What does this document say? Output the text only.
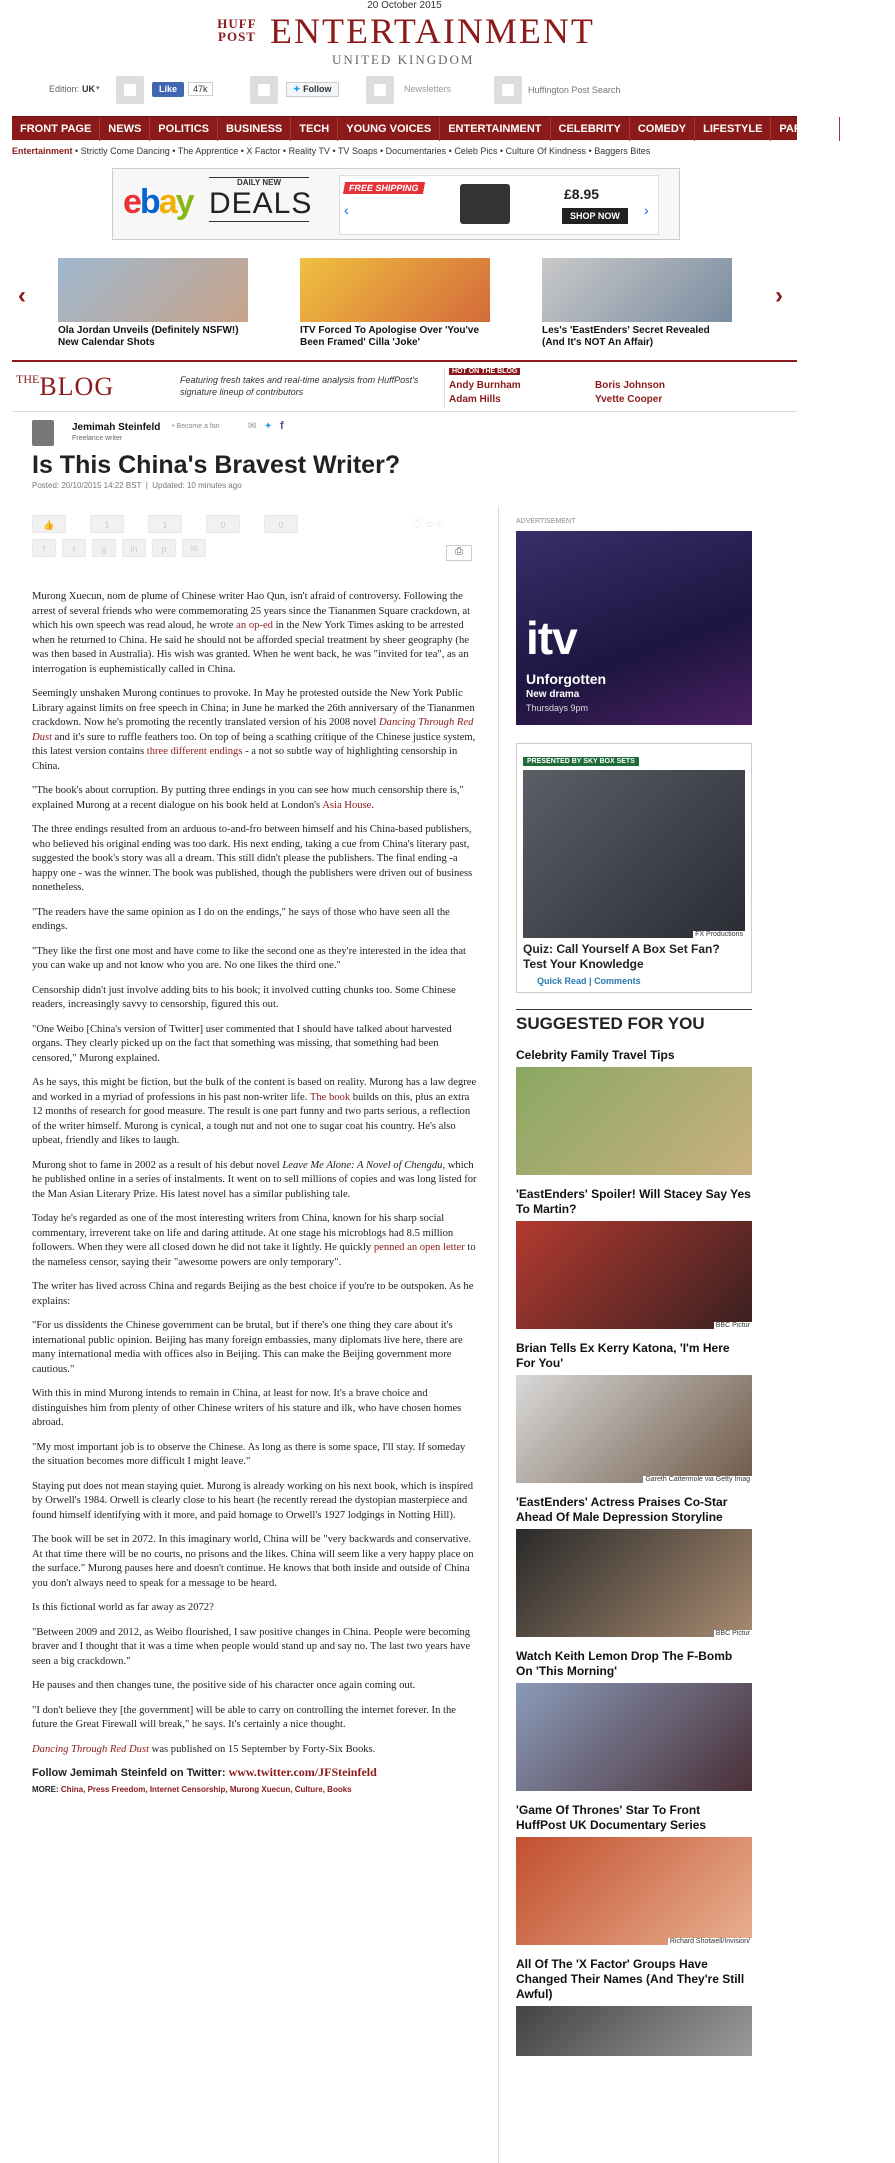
20 October 2015
HUFF
POST ENTERTAINMENT
UNITED KINGDOM
Edition: UK ▾	Like	47k	✦ Follow	Newsletters
Huffington Post Search
FRONT PAGE	NEWS	POLITICS	BUSINESS	TECH	YOUNG VOICES	ENTERTAINMENT	CELEBRITY	COMEDY	LIFESTYLE	PARENTS	BLOGS
Entertainment • Strictly Come Dancing • The Apprentice • X Factor • Reality TV • TV Soaps • Documentaries • Celeb Pics • Culture Of Kindness • Baggers Bites
ebay
DAILY NEW
DEALS	FREE SHIPPING
‹
£8.95
SHOP NOW	›
‹
Ola Jordan Unveils (Definitely NSFW!) New Calendar Shots
ITV Forced To Apologise Over 'You've Been Framed' Cilla 'Joke'
Les's 'EastEnders' Secret Revealed (And It's NOT An Affair)
›
$^{THE}$BLOG	Featuring fresh takes and real-time analysis from HuffPost's signature lineup of contributors
HOT ON THE BLOG
Andy Burnham	Boris Johnson
Adam Hills	Yvette Cooper
Jemimah Steinfeld
Freelance writer
• Become a fan	✉ ✦ f
Is This China's Bravest Writer?
Posted: 20/10/2015 14:22 BST  |  Updated: 10 minutes ago
👍	1	1	0	0
f	t	g	in	p	✉
♡ ○ ○
⎙

Murong Xuecun, nom de plume of Chinese writer Hao Qun, isn't afraid of controversy. Following the arrest of several friends who were commemorating 25 years since the Tiananmen Square crackdown, at which his own speech was read aloud, he wrote an op-ed in the New York Times asking to be arrested when he returned to China. He said he should not be afforded special treatment by sheer geography (he was then based in Australia). His wish was granted. When he went back, he was "invited for tea", as an interrogation is euphemistically called in China.

Seemingly unshaken Murong continues to provoke. In May he protested outside the New York Public Library against limits on free speech in China; in June he marked the 26th anniversary of the Tiananmen crackdown. Now he's promoting the recently translated version of his 2008 novel Dancing Through Red Dust and it's sure to ruffle feathers too. On top of being a scathing critique of the Chinese justice system, this latest version contains three different endings - a not so subtle way of highlighting censorship in China.

"The book's about corruption. By putting three endings in you can see how much censorship there is," explained Murong at a recent dialogue on his book held at London's Asia House.

The three endings resulted from an arduous to-and-fro between himself and his China-based publishers, who believed his original ending was too dark. His next ending, taking a cue from China's literary past, suggested the book's story was all a dream. This still didn't please the publishers. The final ending -a happy one - was the winner. The book was published, though the publishers were driven out of business nonetheless.

"The readers have the same opinion as I do on the endings," he says of those who have seen all the endings.

"They like the first one most and have come to like the second one as they're interested in the idea that you can wake up and not know who you are. No one likes the third one."

Censorship didn't just involve adding bits to his book; it involved cutting chunks too. Some Chinese readers, increasingly savvy to censorship, figured this out.

"One Weibo [China's version of Twitter] user commented that I should have talked about harvested organs. They clearly picked up on the fact that something was missing, that something had been censored," Murong explained.

As he says, this might be fiction, but the bulk of the content is based on reality. Murong has a law degree and worked in a myriad of professions in his past non-writer life. The book builds on this, plus an extra 12 months of research for good measure. The result is one part funny and two parts serious, a reflection of the writer himself. Murong is cynical, a tough nut and not one to sugar coat his country. He's also upbeat, friendly and likes to laugh.

Murong shot to fame in 2002 as a result of his debut novel Leave Me Alone: A Novel of Chengdu, which he published online in a series of instalments. It went on to sell millions of copies and was long listed for the Man Asian Literary Prize. His latest novel has a similar publishing tale.

Today he's regarded as one of the most interesting writers from China, known for his sharp social commentary, irreverent take on life and daring attitude. At one stage his microblogs had 8.5 million followers. When they were all closed down he did not take it lightly. He quickly penned an open letter to the nameless censor, saying their "awesome powers are only temporary".

The writer has lived across China and regards Beijing as the best choice if you're to be outspoken. As he explains:

"For us dissidents the Chinese government can be brutal, but if there's one thing they care about it's international public opinion. Beijing has many foreign embassies, many diplomats live here, there are many international media with offices also in Beijing. This can make the Beijing government more cautious."

With this in mind Murong intends to remain in China, at least for now. It's a brave choice and distinguishes him from plenty of other Chinese writers of his stature and ilk, who have chosen homes abroad.

"My most important job is to observe the Chinese. As long as there is some space, I'll stay. If someday the situation becomes more difficult I might leave."

Staying put does not mean staying quiet. Murong is already working on his next book, which is inspired by Orwell's 1984. Orwell is clearly close to his heart (he recently reread the dystopian masterpiece and found himself identifying with it more, and paid homage to Orwell's 1927 lodgings in Notting Hill).

The book will be set in 2072. In this imaginary world, China will be "very backwards and conservative. At that time there will be no courts, no prisons and the likes. China will seem like a very happy place on the surface." Murong pauses here and doesn't continue. He knows that both inside and outside of China you don't always need to speak for a message to be heard.

Is this fictional world as far away as 2072?

"Between 2009 and 2012, as Weibo flourished, I saw positive changes in China. People were becoming braver and I thought that it was a time when people would stand up and say no. The last two years have seen a big crackdown."

He pauses and then changes tune, the positive side of his character once again coming out.

"I don't believe they [the government] will be able to carry on controlling the internet forever. In the future the Great Firewall will break," he says. It's certainly a nice thought.

Dancing Through Red Dust was published on 15 September by Forty-Six Books.

Follow Jemimah Steinfeld on Twitter: www.twitter.com/JFSteinfeld
MORE: China, Press Freedom, Internet Censorship, Murong Xuecun, Culture, Books
ADVERTISEMENT
itv
Unforgotten
New drama
Thursdays 9pm
PRESENTED BY SKY BOX SETS
FX Productions
Quiz: Call Yourself A Box Set Fan? Test Your Knowledge
Quick Read | Comments
SUGGESTED FOR YOU
Celebrity Family Travel Tips
'EastEnders' Spoiler! Will Stacey Say Yes To Martin?
BBC Pictur
Brian Tells Ex Kerry Katona, 'I'm Here For You'
Gareth Cattermole via Getty Imag
'EastEnders' Actress Praises Co-Star Ahead Of Male Depression Storyline
BBC Pictur
Watch Keith Lemon Drop The F-Bomb On 'This Morning'
'Game Of Thrones' Star To Front HuffPost UK Documentary Series
Richard Shotwell/Invision/
All Of The 'X Factor' Groups Have Changed Their Names (And They're Still Awful)
